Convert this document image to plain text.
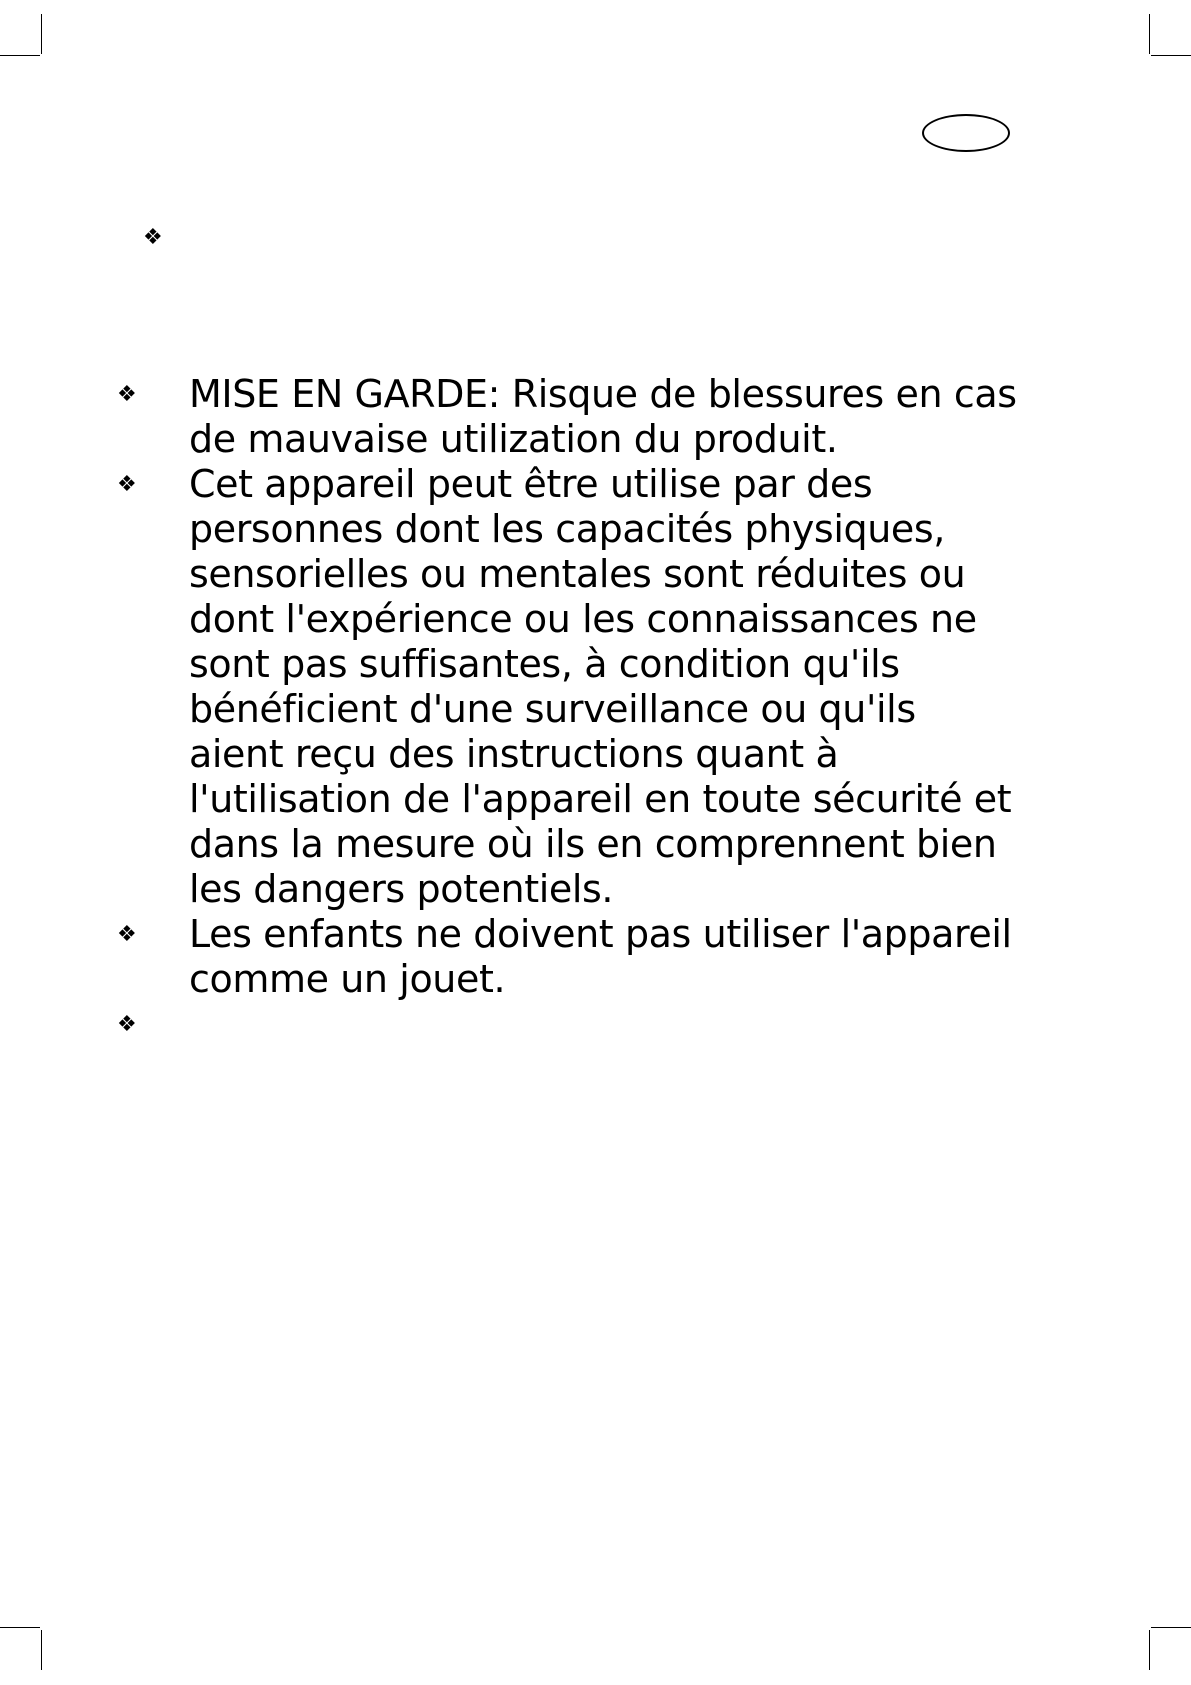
❖
❖ MISE EN GARDE: Risque de blessures en cas de mauvaise utilization du produit.
❖ Cet appareil peut être utilise par des personnes dont les capacités physiques, sensorielles ou mentales sont réduites ou dont l'expérience ou les connaissances ne sont pas suffisantes, à condition qu'ils bénéficient d'une surveillance ou qu'ils aient reçu des instructions quant à l'utilisation de l'appareil en toute sécurité et dans la mesure où ils en comprennent bien les dangers potentiels.
❖ Les enfants ne doivent pas utiliser l'appareil comme un jouet.
❖
